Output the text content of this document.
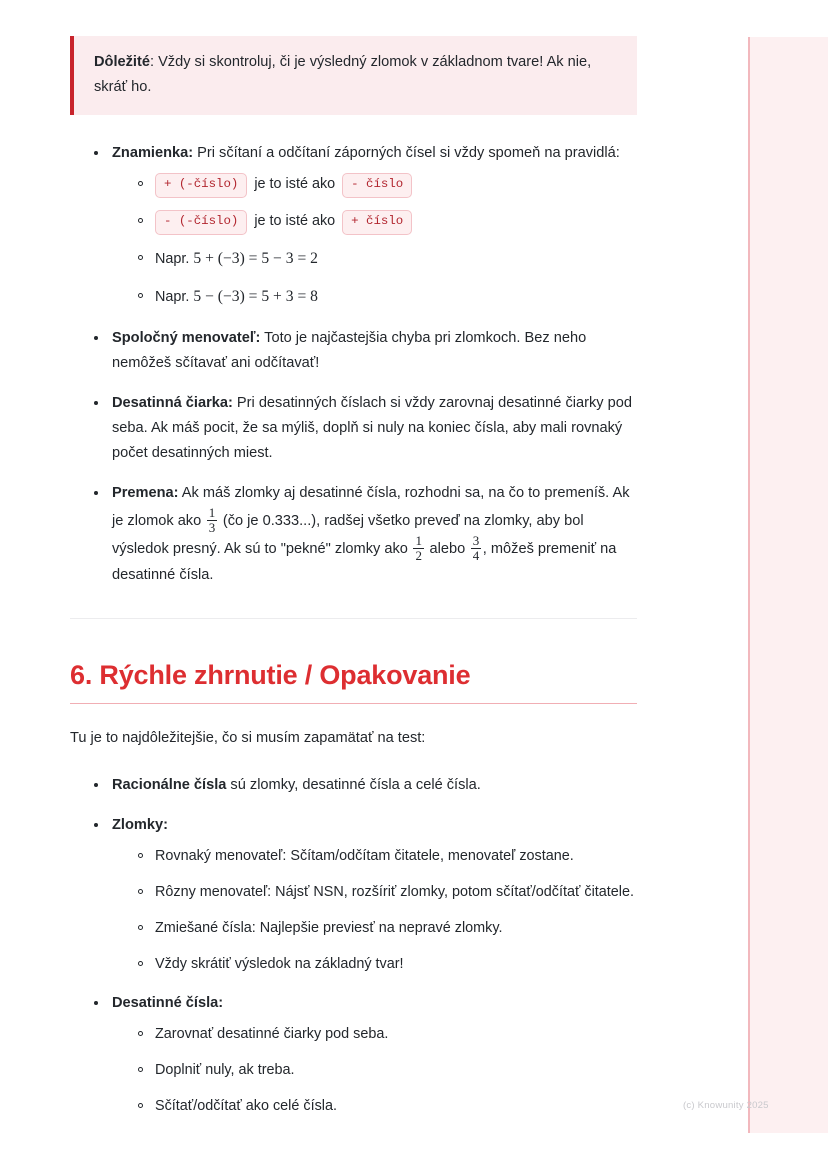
Dôležité: Vždy si skontroluj, či je výsledný zlomok v základnom tvare! Ak nie, skráť ho.

Znamienka: Pri sčítaní a odčítaní záporných čísel si vždy spomeň na pravidlá:
+ (-číslo) je to isté ako - číslo
- (-číslo) je to isté ako + číslo
Napr. 5 + (−3) = 5 − 3 = 2
Napr. 5 − (−3) = 5 + 3 = 8
Spoločný menovateľ: Toto je najčastejšia chyba pri zlomkoch. Bez neho nemôžeš sčítavať ani odčítavať!
Desatinná čiarka: Pri desatinných číslach si vždy zarovnaj desatinné čiarky pod seba. Ak máš pocit, že sa mýliš, doplň si nuly na koniec čísla, aby mali rovnaký počet desatinných miest.
Premena: Ak máš zlomky aj desatinné čísla, rozhodni sa, na čo to premeníš. Ak je zlomok ako $\frac{1}{3}$ (čo je 0.333...), radšej všetko preveď na zlomky, aby bol výsledok presný. Ak sú to "pekné" zlomky ako $\frac{1}{2}$ alebo $\frac{3}{4}$ , môžeš premeniť na desatinné čísla.
6. Rýchle zhrnutie / Opakovanie

Tu je to najdôležitejšie, čo si musím zapamätať na test:

Racionálne čísla sú zlomky, desatinné čísla a celé čísla.
Zlomky:
Rovnaký menovateľ: Sčítam/odčítam čitatele, menovateľ zostane.
Rôzny menovateľ: Nájsť NSN, rozšíriť zlomky, potom sčítať/odčítať čitatele.
Zmiešané čísla: Najlepšie previesť na nepravé zlomky.
Vždy skrátiť výsledok na základný tvar!
Desatinné čísla:
Zarovnať desatinné čiarky pod seba.
Doplniť nuly, ak treba.
Sčítať/odčítať ako celé čísla.	(c) Knowunity 2025
